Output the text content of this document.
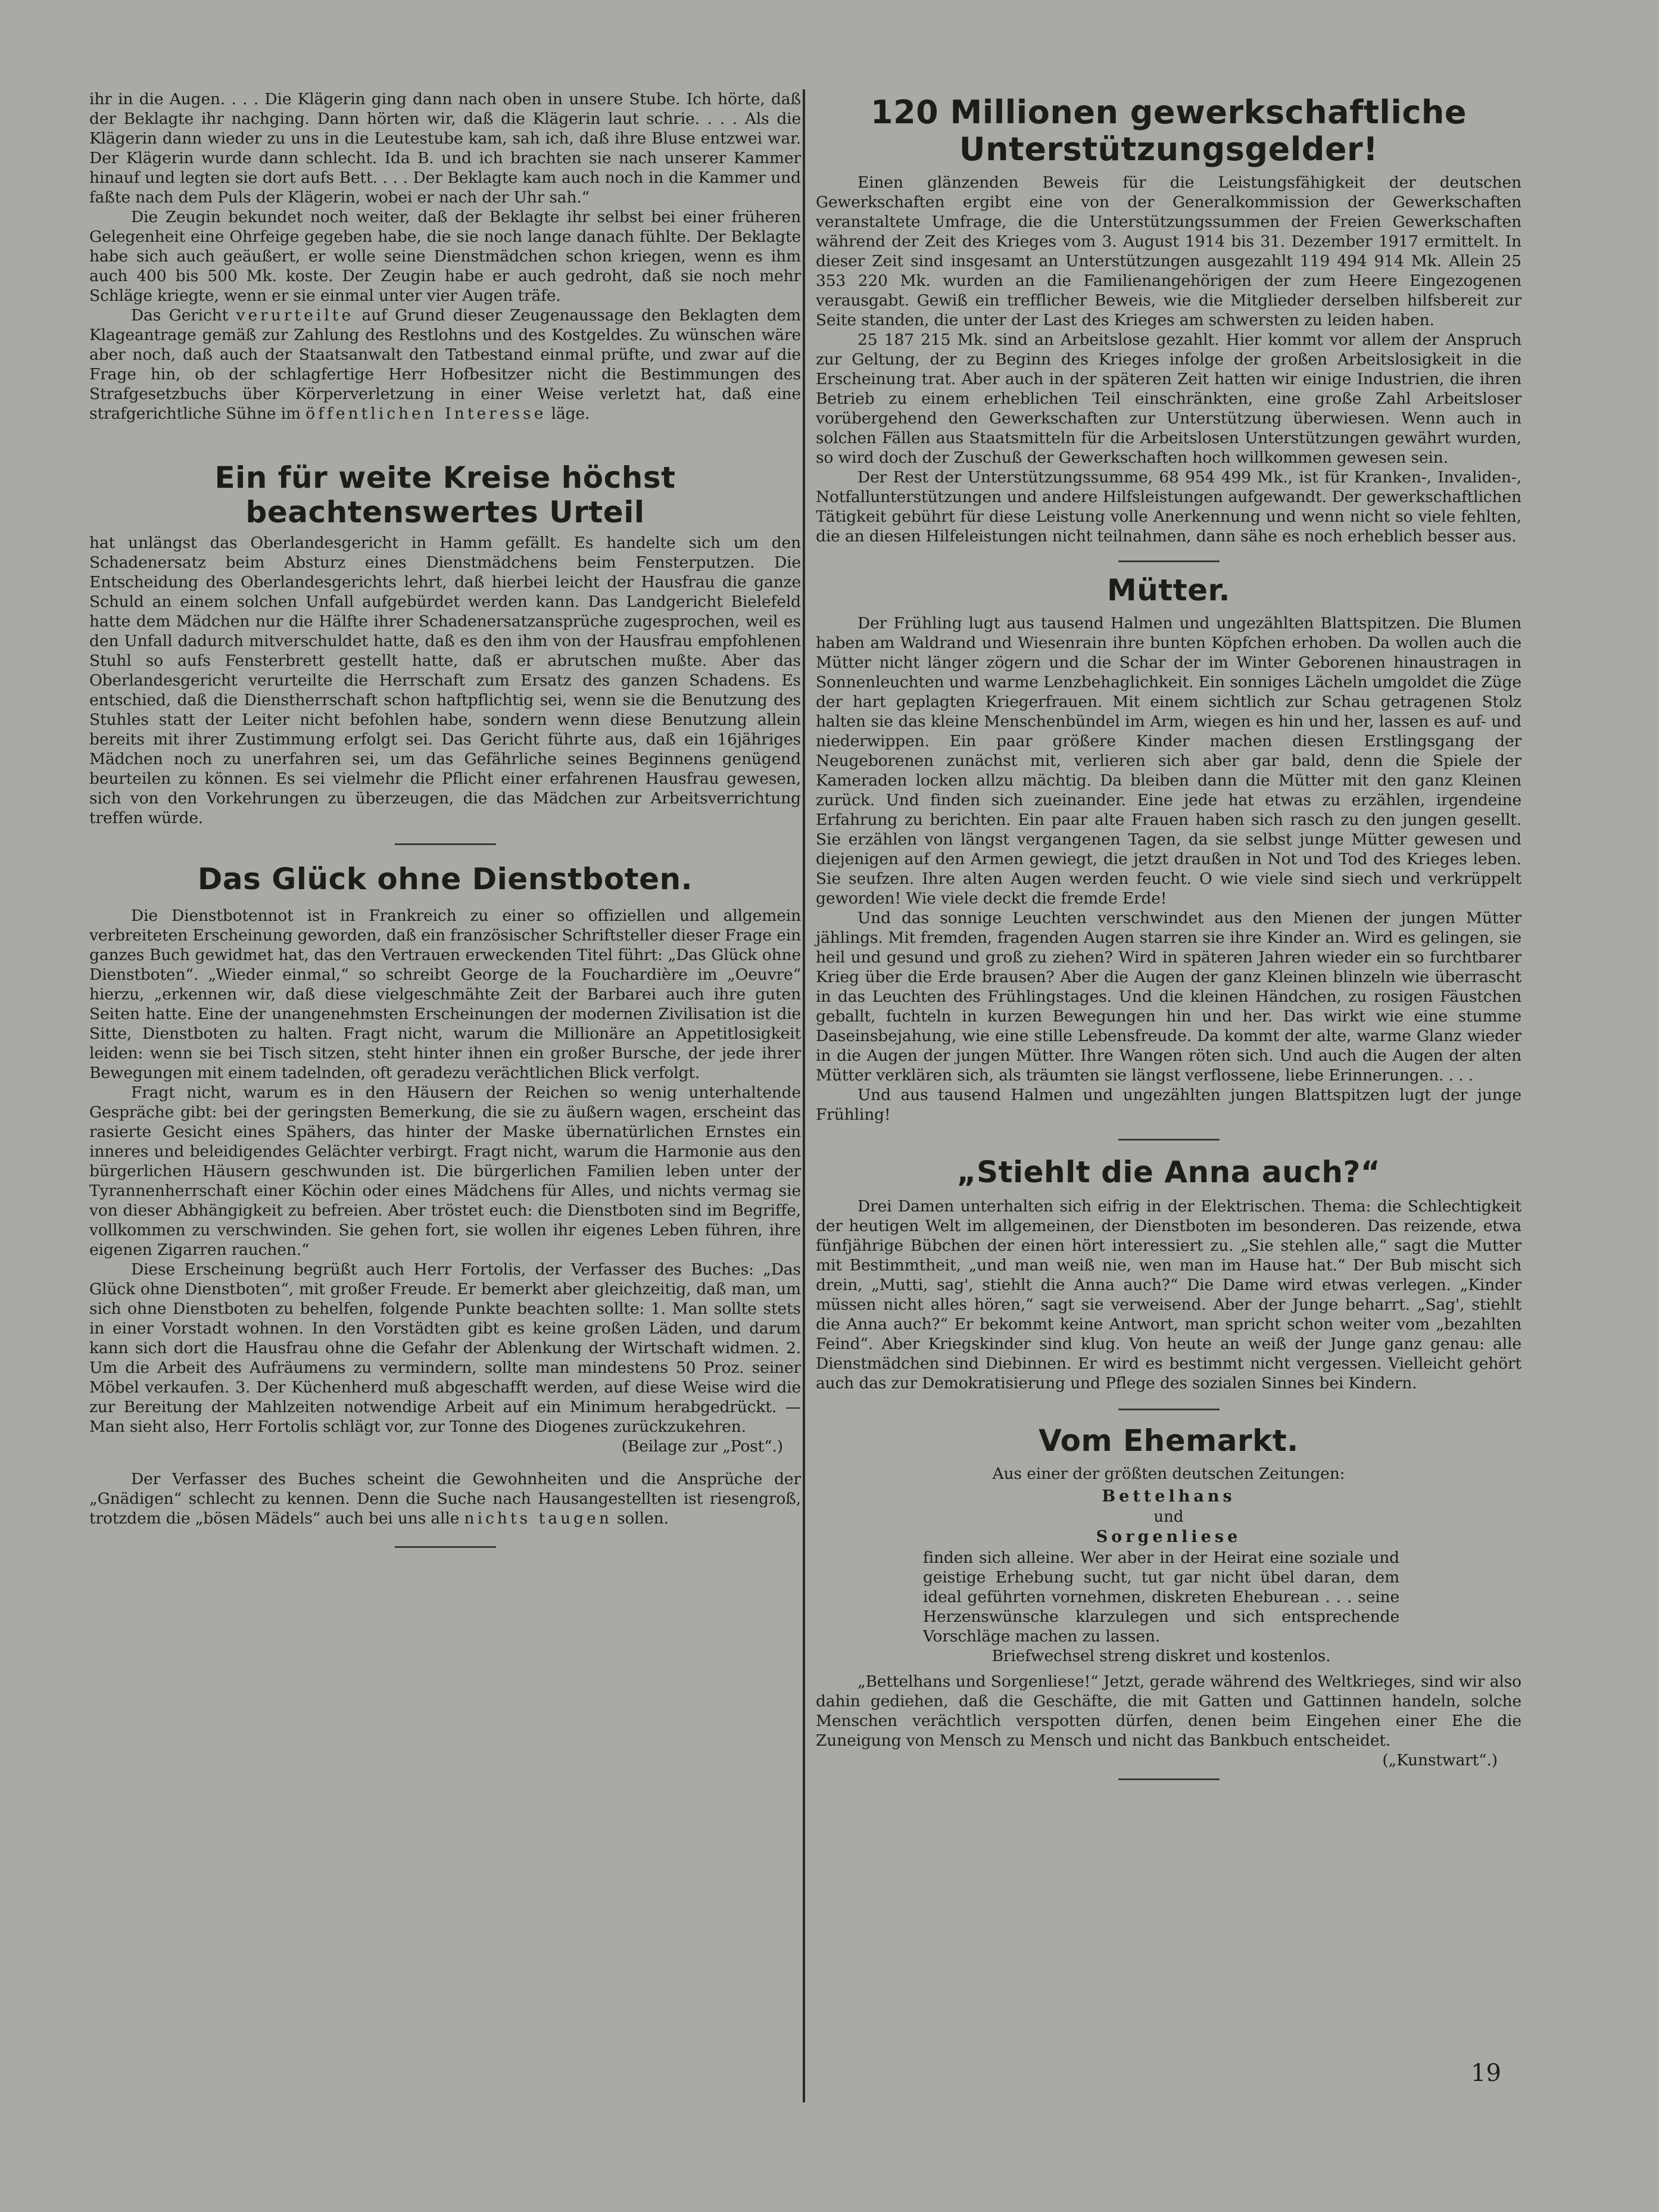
ihr in die Augen. . . . Die Klägerin ging dann nach oben in unsere Stube. Ich hörte, daß der Beklagte ihr nachging. Dann hörten wir, daß die Klägerin laut schrie. . . . Als die Klägerin dann wieder zu uns in die Leutestube kam, sah ich, daß ihre Bluse entzwei war. Der Klägerin wurde dann schlecht. Ida B. und ich brachten sie nach unserer Kammer hinauf und legten sie dort aufs Bett. . . . Der Beklagte kam auch noch in die Kammer und faßte nach dem Puls der Klägerin, wobei er nach der Uhr sah.“

Die Zeugin bekundet noch weiter, daß der Beklagte ihr selbst bei einer früheren Gelegenheit eine Ohrfeige gegeben habe, die sie noch lange danach fühlte. Der Beklagte habe sich auch geäußert, er wolle seine Dienstmädchen schon kriegen, wenn es ihm auch 400 bis 500 Mk. koste. Der Zeugin habe er auch gedroht, daß sie noch mehr Schläge kriegte, wenn er sie einmal unter vier Augen träfe.

Das Gericht verurteilte auf Grund dieser Zeugenaussage den Beklagten dem Klageantrage gemäß zur Zahlung des Restlohns und des Kostgeldes. Zu wünschen wäre aber noch, daß auch der Staatsanwalt den Tatbestand einmal prüfte, und zwar auf die Frage hin, ob der schlagfertige Herr Hofbesitzer nicht die Bestimmungen des Strafgesetzbuchs über Körperverletzung in einer Weise verletzt hat, daß eine strafgerichtliche Sühne im öffentlichen Interesse läge.

Ein für weite Kreise höchst beachtenswertes Urteil

hat unlängst das Oberlandesgericht in Hamm gefällt. Es handelte sich um den Schadenersatz beim Absturz eines Dienstmädchens beim Fensterputzen. Die Entscheidung des Oberlandesgerichts lehrt, daß hierbei leicht der Hausfrau die ganze Schuld an einem solchen Unfall aufgebürdet werden kann. Das Landgericht Bielefeld hatte dem Mädchen nur die Hälfte ihrer Schadenersatzansprüche zugesprochen, weil es den Unfall dadurch mitverschuldet hatte, daß es den ihm von der Hausfrau empfohlenen Stuhl so aufs Fensterbrett gestellt hatte, daß er abrutschen mußte. Aber das Oberlandesgericht verurteilte die Herrschaft zum Ersatz des ganzen Schadens. Es entschied, daß die Dienstherrschaft schon haftpflichtig sei, wenn sie die Benutzung des Stuhles statt der Leiter nicht befohlen habe, sondern wenn diese Benutzung allein bereits mit ihrer Zustimmung erfolgt sei. Das Gericht führte aus, daß ein 16jähriges Mädchen noch zu unerfahren sei, um das Gefährliche seines Beginnens genügend beurteilen zu können. Es sei vielmehr die Pflicht einer erfahrenen Hausfrau gewesen, sich von den Vorkehrungen zu überzeugen, die das Mädchen zur Arbeitsverrichtung treffen würde.

Das Glück ohne Dienstboten.

Die Dienstbotennot ist in Frankreich zu einer so offiziellen und allgemein verbreiteten Erscheinung geworden, daß ein französischer Schriftsteller dieser Frage ein ganzes Buch gewidmet hat, das den Vertrauen erweckenden Titel führt: „Das Glück ohne Dienstboten“. „Wieder einmal,“ so schreibt George de la Fouchardière im „Oeuvre“ hierzu, „erkennen wir, daß diese vielgeschmähte Zeit der Barbarei auch ihre guten Seiten hatte. Eine der unangenehmsten Erscheinungen der modernen Zivilisation ist die Sitte, Dienstboten zu halten. Fragt nicht, warum die Millionäre an Appetitlosigkeit leiden: wenn sie bei Tisch sitzen, steht hinter ihnen ein großer Bursche, der jede ihrer Bewegungen mit einem tadelnden, oft geradezu verächtlichen Blick verfolgt.

Fragt nicht, warum es in den Häusern der Reichen so wenig unterhaltende Gespräche gibt: bei der geringsten Bemerkung, die sie zu äußern wagen, erscheint das rasierte Gesicht eines Spähers, das hinter der Maske übernatürlichen Ernstes ein inneres und beleidigendes Gelächter verbirgt. Fragt nicht, warum die Harmonie aus den bürgerlichen Häusern geschwunden ist. Die bürgerlichen Familien leben unter der Tyrannenherrschaft einer Köchin oder eines Mädchens für Alles, und nichts vermag sie von dieser Abhängigkeit zu befreien. Aber tröstet euch: die Dienstboten sind im Begriffe, vollkommen zu verschwinden. Sie gehen fort, sie wollen ihr eigenes Leben führen, ihre eigenen Zigarren rauchen.“

Diese Erscheinung begrüßt auch Herr Fortolis, der Verfasser des Buches: „Das Glück ohne Dienstboten“, mit großer Freude. Er bemerkt aber gleichzeitig, daß man, um sich ohne Dienstboten zu behelfen, folgende Punkte beachten sollte: 1. Man sollte stets in einer Vorstadt wohnen. In den Vorstädten gibt es keine großen Läden, und darum kann sich dort die Hausfrau ohne die Gefahr der Ablenkung der Wirtschaft widmen. 2. Um die Arbeit des Aufräumens zu vermindern, sollte man mindestens 50 Proz. seiner Möbel verkaufen. 3. Der Küchenherd muß abgeschafft werden, auf diese Weise wird die zur Bereitung der Mahlzeiten notwendige Arbeit auf ein Minimum herabgedrückt. — Man sieht also, Herr Fortolis schlägt vor, zur Tonne des Diogenes zurückzukehren.

(Beilage zur „Post“.)

Der Verfasser des Buches scheint die Gewohnheiten und die Ansprüche der „Gnädigen“ schlecht zu kennen. Denn die Suche nach Hausangestellten ist riesengroß, trotzdem die „bösen Mädels“ auch bei uns alle nichts taugen sollen.

120 Millionen gewerkschaftliche Unterstützungsgelder!

Einen glänzenden Beweis für die Leistungsfähigkeit der deutschen Gewerkschaften ergibt eine von der Generalkommission der Gewerkschaften veranstaltete Umfrage, die die Unterstützungssummen der Freien Gewerkschaften während der Zeit des Krieges vom 3. August 1914 bis 31. Dezember 1917 ermittelt. In dieser Zeit sind insgesamt an Unterstützungen ausgezahlt 119 494 914 Mk. Allein 25 353 220 Mk. wurden an die Familienangehörigen der zum Heere Eingezogenen verausgabt. Gewiß ein trefflicher Beweis, wie die Mitglieder derselben hilfsbereit zur Seite standen, die unter der Last des Krieges am schwersten zu leiden haben.

25 187 215 Mk. sind an Arbeitslose gezahlt. Hier kommt vor allem der Anspruch zur Geltung, der zu Beginn des Krieges infolge der großen Arbeitslosigkeit in die Erscheinung trat. Aber auch in der späteren Zeit hatten wir einige Industrien, die ihren Betrieb zu einem erheblichen Teil einschränkten, eine große Zahl Arbeitsloser vorübergehend den Gewerkschaften zur Unterstützung überwiesen. Wenn auch in solchen Fällen aus Staatsmitteln für die Arbeitslosen Unterstützungen gewährt wurden, so wird doch der Zuschuß der Gewerkschaften hoch willkommen gewesen sein.

Der Rest der Unterstützungssumme, 68 954 499 Mk., ist für Kranken-, Invaliden-, Notfallunterstützungen und andere Hilfsleistungen aufgewandt. Der gewerkschaftlichen Tätigkeit gebührt für diese Leistung volle Anerkennung und wenn nicht so viele fehlten, die an diesen Hilfeleistungen nicht teilnahmen, dann sähe es noch erheblich besser aus.

Mütter.

Der Frühling lugt aus tausend Halmen und ungezählten Blattspitzen. Die Blumen haben am Waldrand und Wiesenrain ihre bunten Köpfchen erhoben. Da wollen auch die Mütter nicht länger zögern und die Schar der im Winter Geborenen hinaustragen in Sonnenleuchten und warme Lenzbehaglichkeit. Ein sonniges Lächeln umgoldet die Züge der hart geplagten Kriegerfrauen. Mit einem sichtlich zur Schau getragenen Stolz halten sie das kleine Menschenbündel im Arm, wiegen es hin und her, lassen es auf- und niederwippen. Ein paar größere Kinder machen diesen Erstlingsgang der Neugeborenen zunächst mit, verlieren sich aber gar bald, denn die Spiele der Kameraden locken allzu mächtig. Da bleiben dann die Mütter mit den ganz Kleinen zurück. Und finden sich zueinander. Eine jede hat etwas zu erzählen, irgendeine Erfahrung zu berichten. Ein paar alte Frauen haben sich rasch zu den jungen gesellt. Sie erzählen von längst vergangenen Tagen, da sie selbst junge Mütter gewesen und diejenigen auf den Armen gewiegt, die jetzt draußen in Not und Tod des Krieges leben. Sie seufzen. Ihre alten Augen werden feucht. O wie viele sind siech und verkrüppelt geworden! Wie viele deckt die fremde Erde!

Und das sonnige Leuchten verschwindet aus den Mienen der jungen Mütter jählings. Mit fremden, fragenden Augen starren sie ihre Kinder an. Wird es gelingen, sie heil und gesund und groß zu ziehen? Wird in späteren Jahren wieder ein so furchtbarer Krieg über die Erde brausen? Aber die Augen der ganz Kleinen blinzeln wie überrascht in das Leuchten des Frühlingstages. Und die kleinen Händchen, zu rosigen Fäustchen geballt, fuchteln in kurzen Bewegungen hin und her. Das wirkt wie eine stumme Daseinsbejahung, wie eine stille Lebensfreude. Da kommt der alte, warme Glanz wieder in die Augen der jungen Mütter. Ihre Wangen röten sich. Und auch die Augen der alten Mütter verklären sich, als träumten sie längst verflossene, liebe Erinnerungen. . . .

Und aus tausend Halmen und ungezählten jungen Blattspitzen lugt der junge Frühling!

„Stiehlt die Anna auch?“

Drei Damen unterhalten sich eifrig in der Elektrischen. Thema: die Schlechtigkeit der heutigen Welt im allgemeinen, der Dienstboten im besonderen. Das reizende, etwa fünfjährige Bübchen der einen hört interessiert zu. „Sie stehlen alle,“ sagt die Mutter mit Bestimmtheit, „und man weiß nie, wen man im Hause hat.“ Der Bub mischt sich drein, „Mutti, sag', stiehlt die Anna auch?“ Die Dame wird etwas verlegen. „Kinder müssen nicht alles hören,“ sagt sie verweisend. Aber der Junge beharrt. „Sag', stiehlt die Anna auch?“ Er bekommt keine Antwort, man spricht schon weiter vom „bezahlten Feind“. Aber Kriegskinder sind klug. Von heute an weiß der Junge ganz genau: alle Dienstmädchen sind Diebinnen. Er wird es bestimmt nicht vergessen. Vielleicht gehört auch das zur Demokratisierung und Pflege des sozialen Sinnes bei Kindern.

Vom Ehemarkt.

Aus einer der größten deutschen Zeitungen:

Bettelhans

und

Sorgenliese

finden sich alleine. Wer aber in der Heirat eine soziale und geistige Erhebung sucht, tut gar nicht übel daran, dem ideal geführten vornehmen, diskreten Eheburean . . . seine Herzenswünsche klarzulegen und sich entsprechende Vorschläge machen zu lassen.

Briefwechsel streng diskret und kostenlos.

„Bettelhans und Sorgenliese!“ Jetzt, gerade während des Weltkrieges, sind wir also dahin gediehen, daß die Geschäfte, die mit Gatten und Gattinnen handeln, solche Menschen verächtlich verspotten dürfen, denen beim Eingehen einer Ehe die Zuneigung von Mensch zu Mensch und nicht das Bankbuch entscheidet.

(„Kunstwart“.)

19
